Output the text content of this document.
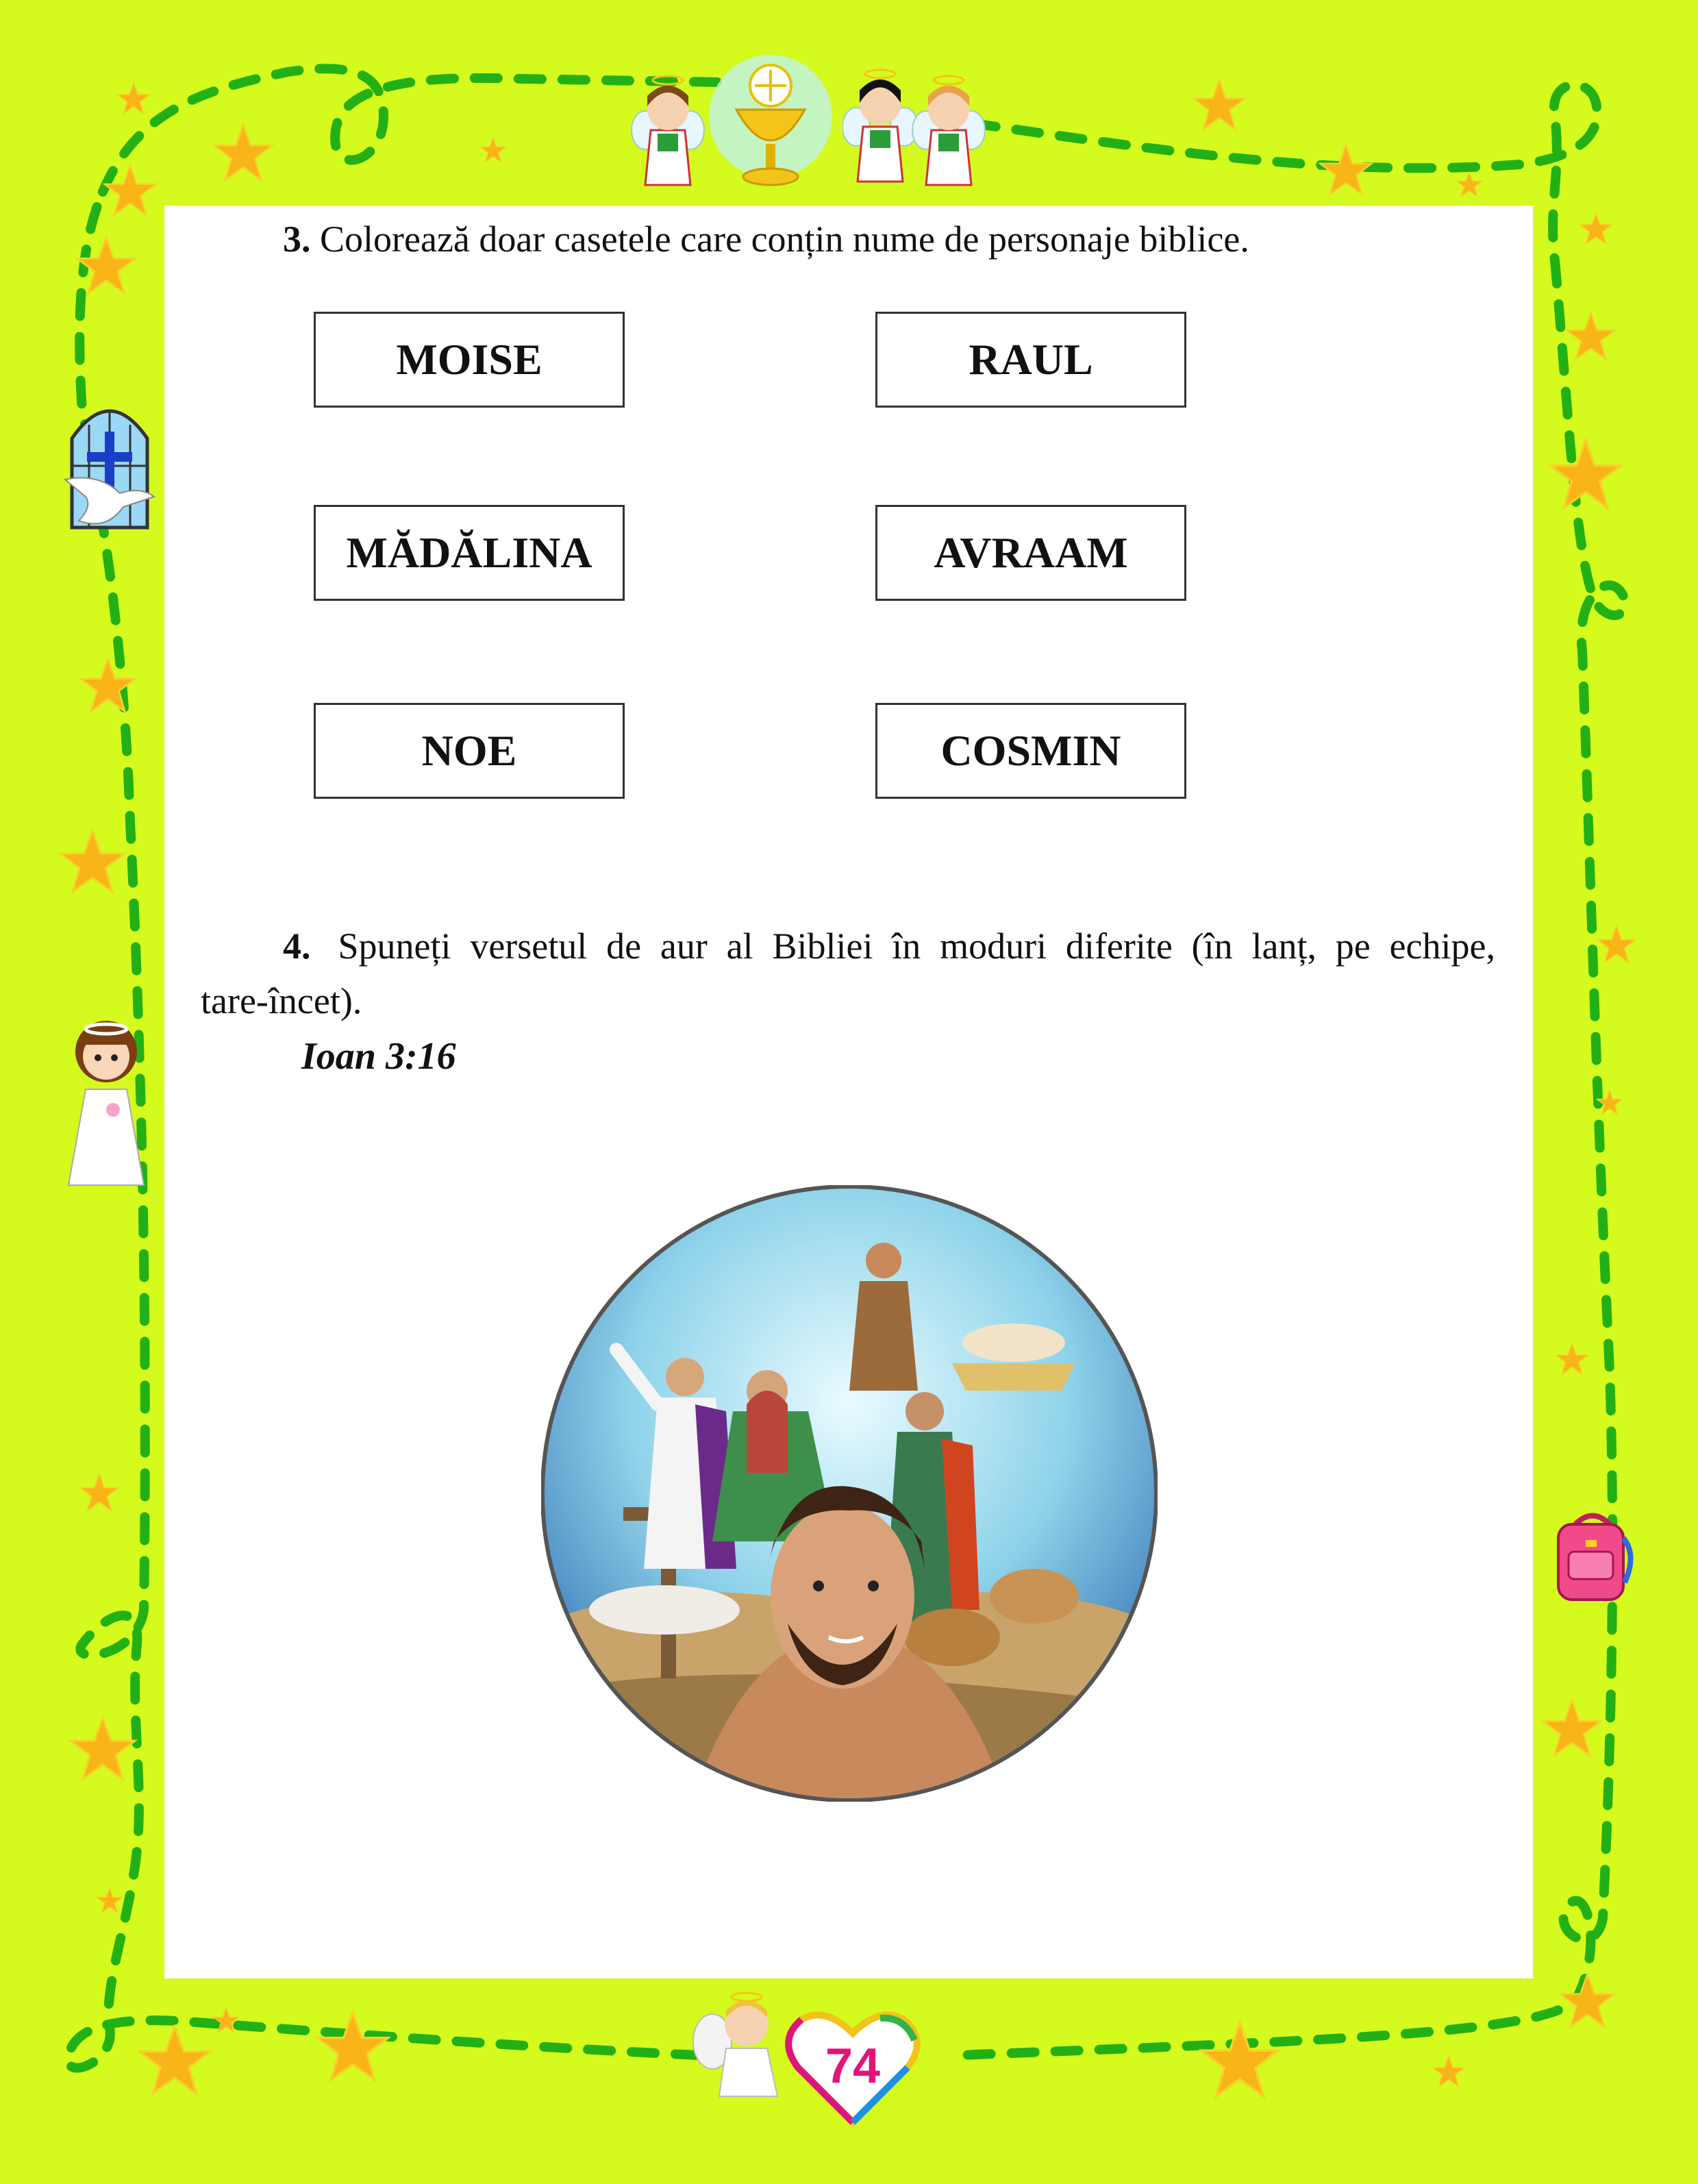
3. Colorează doar casetele care conțin nume de personaje biblice.
MOISE	RAUL
MĂDĂLINA	AVRAAM
NOE	COSMIN
4. Spuneți versetul de aur al Bibliei în moduri diferite (în lanț, pe echipe,
tare-încet).
Ioan 3:16
74
